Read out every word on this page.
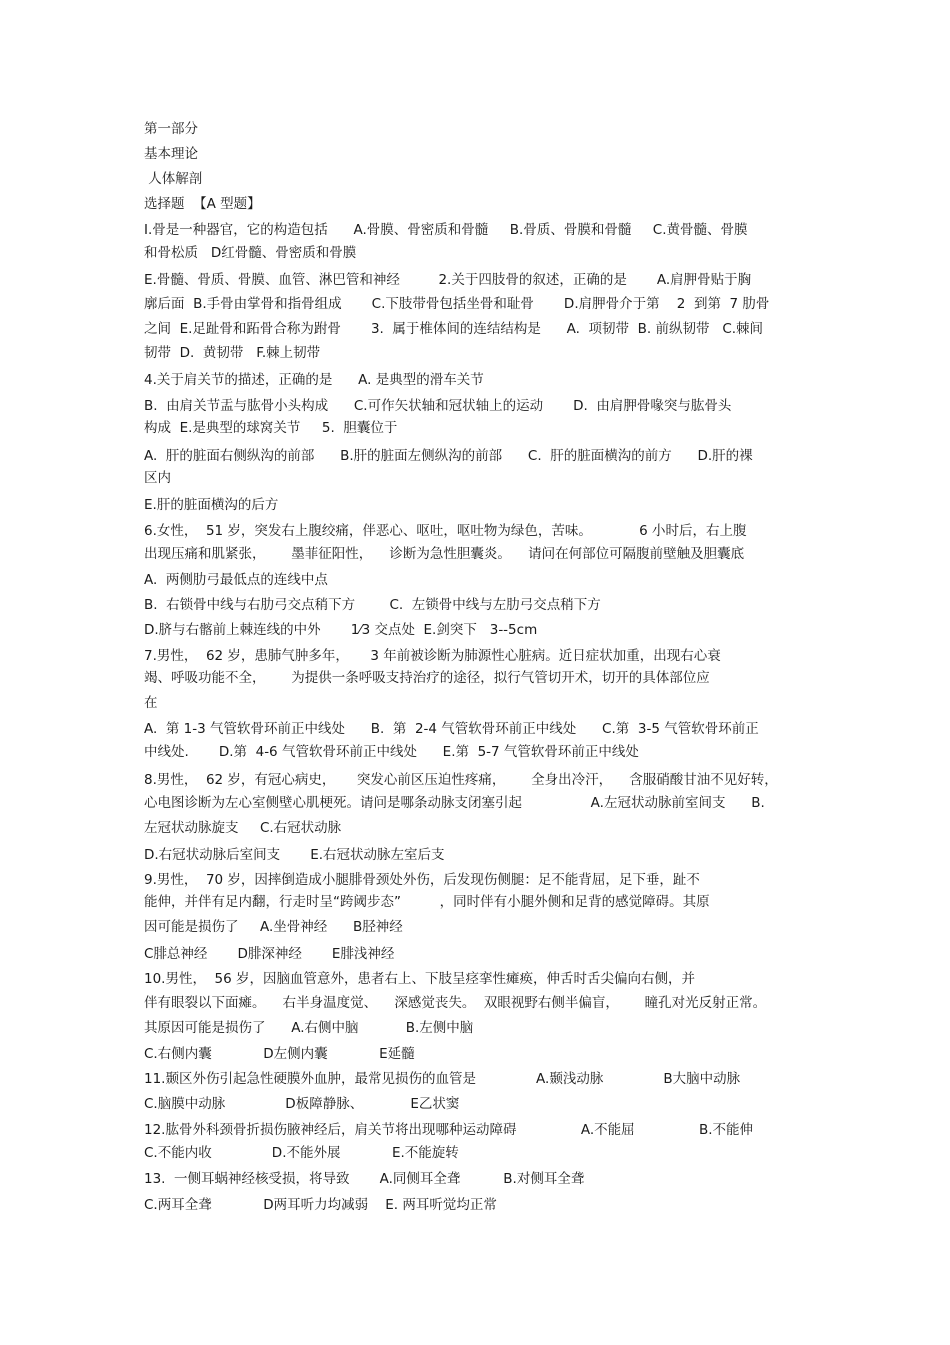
第一部分
基本理论
人体解剖
选择题  【A 型题】
I.骨是一种器官，它的构造包括      A.骨膜、骨密质和骨髓     B.骨质、骨膜和骨髓     C.黄骨髓、骨膜
和骨松质   D红骨髓、骨密质和骨膜
E.骨髓、骨质、骨膜、血管、淋巴管和神经         2.关于四肢骨的叙述，正确的是       A.肩胛骨贴于胸
廓后面  B.手骨由掌骨和指骨组成       C.下肢带骨包括坐骨和耻骨       D.肩胛骨介于第    2  到第  7 肋骨
之间  E.足趾骨和跖骨合称为跗骨       3.  属于椎体间的连结结构是      A.  项韧带  B. 前纵韧带   C.棘间
韧带  D.  黄韧带   F.棘上韧带
4.关于肩关节的描述，正确的是      A. 是典型的滑车关节
B.  由肩关节盂与肱骨小头构成      C.可作矢状轴和冠状轴上的运动       D.  由肩胛骨喙突与肱骨头
构成  E.是典型的球窝关节     5.  胆囊位于
A.  肝的脏面右侧纵沟的前部      B.肝的脏面左侧纵沟的前部      C.  肝的脏面横沟的前方      D.肝的裸
区内
E.肝的脏面横沟的后方
6.女性，  51 岁，突发右上腹绞痛，伴恶心、呕吐，呕吐物为绿色，苦味。           6 小时后，右上腹
出现压痛和肌紧张，      墨菲征阳性，    诊断为急性胆囊炎。    请问在何部位可隔腹前壁触及胆囊底
A.  两侧肋弓最低点的连线中点
B.  右锁骨中线与右肋弓交点稍下方        C.  左锁骨中线与左肋弓交点稍下方
D.脐与右髂前上棘连线的中外       1⁄3 交点处  E.剑突下   3--5cm
7.男性，  62 岁，患肺气肿多年，     3 年前被诊断为肺源性心脏病。近日症状加重，出现右心衰
竭、呼吸功能不全，      为提供一条呼吸支持治疗的途径，拟行气管切开术，切开的具体部位应
在
A.  第 1-3 气管软骨环前正中线处      B.  第  2-4 气管软骨环前正中线处      C.第  3-5 气管软骨环前正
中线处.       D.第  4-6 气管软骨环前正中线处      E.第  5-7 气管软骨环前正中线处
8.男性，  62 岁，有冠心病史，     突发心前区压迫性疼痛，      全身出冷汗，    含服硝酸甘油不见好转，
心电图诊断为左心室侧壁心肌梗死。请问是哪条动脉支闭塞引起                A.左冠状动脉前室间支      B.
左冠状动脉旋支     C.右冠状动脉
D.右冠状动脉后室间支       E.右冠状动脉左室后支
9.男性，  70 岁，因摔倒造成小腿腓骨颈处外伤，后发现伤侧腿：足不能背屈，足下垂，趾不
能伸，并伴有足内翻，行走时呈“跨阈步态”         ，同时伴有小腿外侧和足背的感觉障碍。其原
因可能是损伤了     A.坐骨神经      B胫神经
C腓总神经       D腓深神经       E腓浅神经
10.男性，  56 岁，因脑血管意外，患者右上、下肢呈痉挛性瘫痪，伸舌时舌尖偏向右侧，并
伴有眼裂以下面瘫。    右半身温度觉、    深感觉丧失。  双眼视野右侧半偏盲，      瞳孔对光反射正常。
其原因可能是损伤了      A.右侧中脑           B.左侧中脑
C.右侧内囊            D左侧内囊            E延髓
11.颞区外伤引起急性硬膜外血肿，最常见损伤的血管是              A.颞浅动脉              B大脑中动脉
C.脑膜中动脉              D板障静脉、           E乙状窦
12.肱骨外科颈骨折损伤腋神经后，肩关节将出现哪种运动障碍               A.不能屈               B.不能伸
C.不能内收              D.不能外展            E.不能旋转
13.  一侧耳蜗神经核受损，将导致       A.同侧耳全聋          B.对侧耳全聋
C.两耳全聋            D两耳听力均减弱    E. 两耳听觉均正常
